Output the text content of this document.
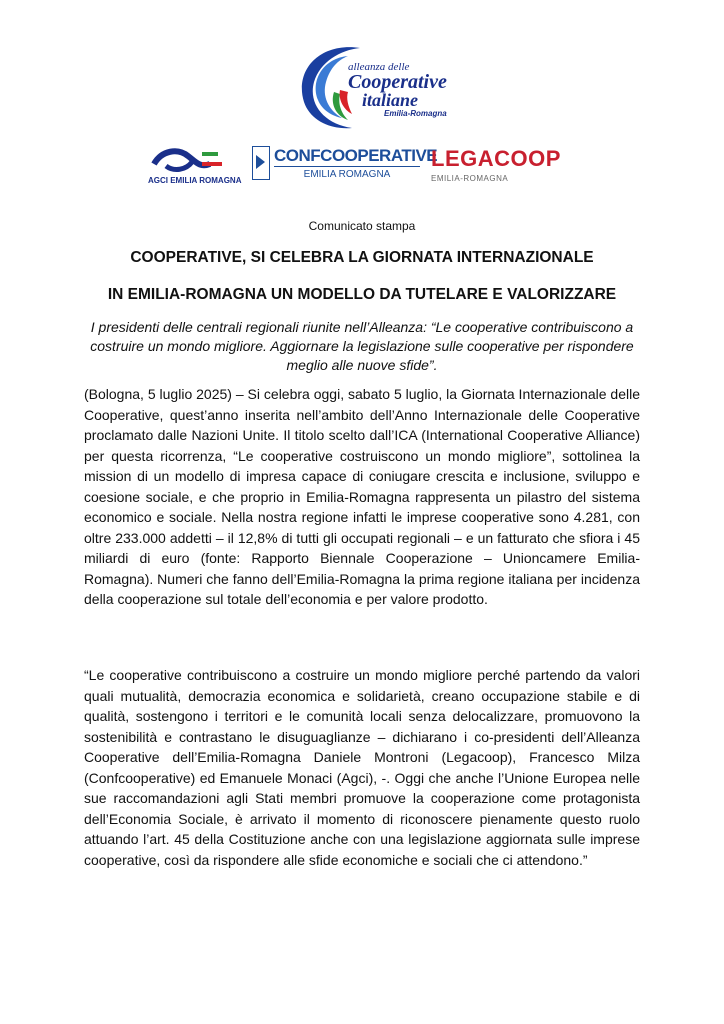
alleanza delle
Cooperative
italiane
Emilia-Romagna
AGCI EMILIA ROMAGNA
CONFCOOPERATIVE
EMILIA ROMAGNA
LEGACOOP
EMILIA-ROMAGNA
Comunicato stampa
COOPERATIVE, SI CELEBRA LA GIORNATA INTERNAZIONALE
IN EMILIA-ROMAGNA UN MODELLO DA TUTELARE E VALORIZZARE
I presidenti delle centrali regionali riunite nell’Alleanza: “Le cooperative contribuiscono a costruire un mondo migliore. Aggiornare la legislazione sulle cooperative per rispondere meglio alle nuove sfide”.
(Bologna, 5 luglio 2025) – Si celebra oggi, sabato 5 luglio, la Giornata Internazionale delle Cooperative, quest’anno inserita nell’ambito dell’Anno Internazionale delle Cooperative proclamato dalle Nazioni Unite. Il titolo scelto dall’ICA (International Cooperative Alliance) per questa ricorrenza, “Le cooperative costruiscono un mondo migliore”, sottolinea la mission di un modello di impresa capace di coniugare crescita e inclusione, sviluppo e coesione sociale, e che proprio in Emilia-Romagna rappresenta un pilastro del sistema economico e sociale. Nella nostra regione infatti le imprese cooperative sono 4.281, con oltre 233.000 addetti – il 12,8% di tutti gli occupati regionali – e un fatturato che sfiora i 45 miliardi di euro (fonte: Rapporto Biennale Cooperazione – Unioncamere Emilia-Romagna). Numeri che fanno dell’Emilia-Romagna la prima regione italiana per incidenza della cooperazione sul totale dell’economia e per valore prodotto.
“Le cooperative contribuiscono a costruire un mondo migliore perché partendo da valori quali mutualità, democrazia economica e solidarietà, creano occupazione stabile e di qualità, sostengono i territori e le comunità locali senza delocalizzare, promuovono la sostenibilità e contrastano le disuguaglianze – dichiarano i co-presidenti dell’Alleanza Cooperative dell’Emilia-Romagna Daniele Montroni (Legacoop), Francesco Milza (Confcooperative) ed Emanuele Monaci (Agci), -. Oggi che anche l’Unione Europea nelle sue raccomandazioni agli Stati membri promuove la cooperazione come protagonista dell’Economia Sociale, è arrivato il momento di riconoscere pienamente questo ruolo attuando l’art. 45 della Costituzione anche con una legislazione aggiornata sulle imprese cooperative, così da rispondere alle sfide economiche e sociali che ci attendono.”
